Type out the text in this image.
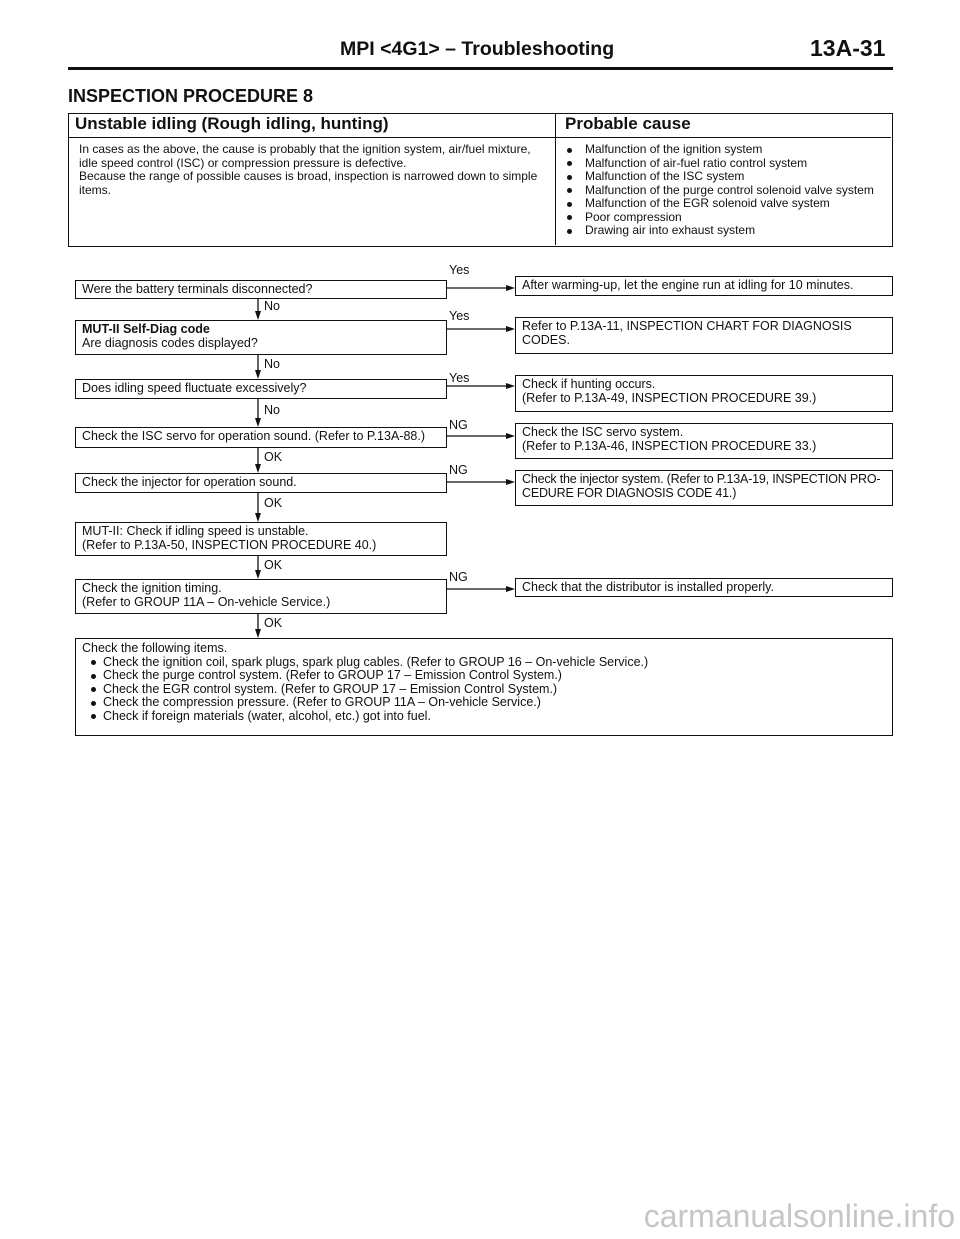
MPI <4G1> – Troubleshooting	13A-31
INSPECTION PROCEDURE 8
Unstable idling (Rough idling, hunting)	Probable cause
In cases as the above, the cause is probably that the ignition system, air/fuel mixture,
idle speed control (ISC) or compression pressure is defective.
Because the range of possible causes is broad, inspection is narrowed down to simple
items.
Malfunction of the ignition system
Malfunction of air-fuel ratio control system
Malfunction of the ISC system
Malfunction of the purge control solenoid valve system
Malfunction of the EGR solenoid valve system
Poor compression
Drawing air into exhaust system
Were the battery terminals disconnected?
Yes
After warming-up, let the engine run at idling for 10 minutes.
No
MUT-II Self-Diag code
Are diagnosis codes displayed?
Yes
Refer to P.13A-11, INSPECTION CHART FOR DIAGNOSIS
CODES.
No
Does idling speed fluctuate excessively?
Yes	Check if hunting occurs.
(Refer to P.13A-49, INSPECTION PROCEDURE 39.)
No
Check the ISC servo for operation sound. (Refer to P.13A-88.)
NG	Check the ISC servo system.
(Refer to P.13A-46, INSPECTION PROCEDURE 33.)
OK
Check the injector for operation sound.
NG
Check the injector system. (Refer to P.13A-19, INSPECTION PRO-
CEDURE FOR DIAGNOSIS CODE 41.)
OK
MUT-II: Check if idling speed is unstable.
(Refer to P.13A-50, INSPECTION PROCEDURE 40.)
OK
Check the ignition timing.
(Refer to GROUP 11A – On-vehicle Service.)
NG
Check that the distributor is installed properly.
OK
Check the following items.
Check the ignition coil, spark plugs, spark plug cables. (Refer to GROUP 16 – On-vehicle Service.)
Check the purge control system. (Refer to GROUP 17 – Emission Control System.)
Check the EGR control system. (Refer to GROUP 17 – Emission Control System.)
Check the compression pressure. (Refer to GROUP 11A – On-vehicle Service.)
Check if foreign materials (water, alcohol, etc.) got into fuel.
carmanualsonline.info
